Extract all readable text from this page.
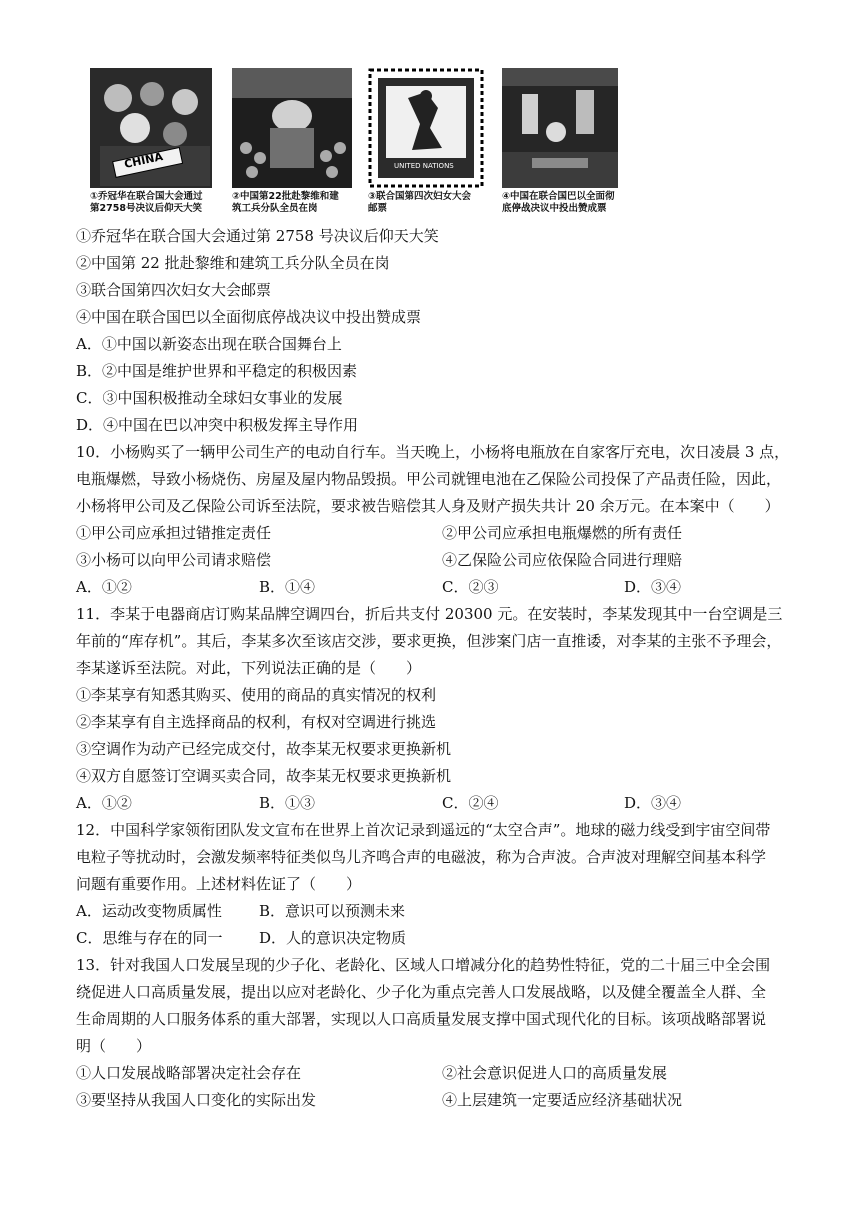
CHINA
①乔冠华在联合国大会通过
第2758号决议后仰天大笑
②中国第22批赴黎维和建
筑工兵分队全员在岗
UNITED NATIONS
③联合国第四次妇女大会
邮票
④中国在联合国巴以全面彻
底停战决议中投出赞成票
①乔冠华在联合国大会通过第 2758 号决议后仰天大笑
②中国第 22 批赴黎维和建筑工兵分队全员在岗
③联合国第四次妇女大会邮票
④中国在联合国巴以全面彻底停战决议中投出赞成票
A．①中国以新姿态出现在联合国舞台上
B．②中国是维护世界和平稳定的积极因素
C．③中国积极推动全球妇女事业的发展
D．④中国在巴以冲突中积极发挥主导作用
10．小杨购买了一辆甲公司生产的电动自行车。当天晚上，小杨将电瓶放在自家客厅充电，次日凌晨 3 点，
电瓶爆燃，导致小杨烧伤、房屋及屋内物品毁损。甲公司就锂电池在乙保险公司投保了产品责任险，因此，
小杨将甲公司及乙保险公司诉至法院，要求被告赔偿其人身及财产损失共计 20 余万元。在本案中（　　）
①甲公司应承担过错推定责任	②甲公司应承担电瓶爆燃的所有责任
③小杨可以向甲公司请求赔偿	④乙保险公司应依保险合同进行理赔
A．①②	B．①④	C．②③	D．③④
11．李某于电器商店订购某品牌空调四台，折后共支付 20300 元。在安装时，李某发现其中一台空调是三
年前的“库存机”。其后，李某多次至该店交涉，要求更换，但涉案门店一直推诿，对李某的主张不予理会，
李某遂诉至法院。对此，下列说法正确的是（　　）
①李某享有知悉其购买、使用的商品的真实情况的权利
②李某享有自主选择商品的权利，有权对空调进行挑选
③空调作为动产已经完成交付，故李某无权要求更换新机
④双方自愿签订空调买卖合同，故李某无权要求更换新机
A．①②	B．①③	C．②④	D．③④
12．中国科学家领衔团队发文宣布在世界上首次记录到遥远的“太空合声”。地球的磁力线受到宇宙空间带
电粒子等扰动时，会激发频率特征类似鸟儿齐鸣合声的电磁波，称为合声波。合声波对理解空间基本科学
问题有重要作用。上述材料佐证了（　　）
A．运动改变物质属性 B．意识可以预测未来
C．思维与存在的同一 D．人的意识决定物质
13．针对我国人口发展呈现的少子化、老龄化、区域人口增减分化的趋势性特征，党的二十届三中全会围
绕促进人口高质量发展，提出以应对老龄化、少子化为重点完善人口发展战略，以及健全覆盖全人群、全
生命周期的人口服务体系的重大部署，实现以人口高质量发展支撑中国式现代化的目标。该项战略部署说
明（　　）
①人口发展战略部署决定社会存在	②社会意识促进人口的高质量发展
③要坚持从我国人口变化的实际出发	④上层建筑一定要适应经济基础状况
